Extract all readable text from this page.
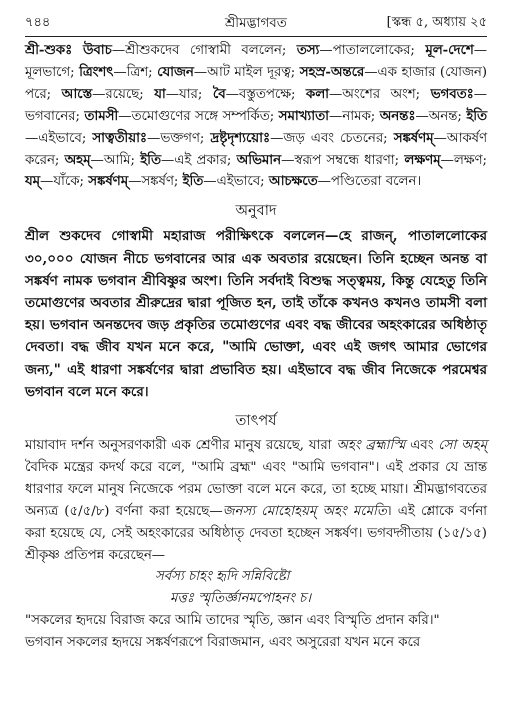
৭৪৪	শ্রীমদ্ভাগবত	[স্কন্ধ ৫, অধ্যায় ২৫

শ্রী-শুকঃ উবাচ—শ্রীশুকদেব গোস্বামী বললেন; তস্য—পাতাললোকের; মূল-দেশে—মূলভাগে; ত্রিংশৎ—ত্রিশ; যোজন—আট মাইল দূরত্ব; সহস্র-অন্তরে—এক হাজার (যোজন) পরে; আস্তে—রয়েছে; যা—যার; বৈ—বস্তুতপক্ষে; কলা—অংশের অংশ; ভগবতঃ—ভগবানের; তামসী—তমোগুণের সঙ্গে সম্পর্কিত; সমাখ্যাতা—নামক; অনন্তঃ—অনন্ত; ইতি—এইভাবে; সাত্বতীয়াঃ—ভক্তগণ; দ্রষ্টৃদৃশ্যয়োঃ—জড় এবং চেতনের; সঙ্কর্ষণম্—আকর্ষণ করেন; অহম্—আমি; ইতি—এই প্রকার; অভিমান—স্বরূপ সম্বন্ধে ধারণা; লক্ষণম্—লক্ষণ; যম্—যাঁকে; সঙ্কর্ষণম্—সঙ্কর্ষণ; ইতি—এইভাবে; আচক্ষতে—পণ্ডিতেরা বলেন।

অনুবাদ

শ্রীল শুকদেব গোস্বামী মহারাজ পরীক্ষিৎকে বললেন—হে রাজন্, পাতাললোকের ৩০,০০০ যোজন নীচে ভগবানের আর এক অবতার রয়েছেন। তিনি হচ্ছেন অনন্ত বা সঙ্কর্ষণ নামক ভগবান শ্রীবিষ্ণুর অংশ। তিনি সর্বদাই বিশুদ্ধ সত্ত্বময়, কিন্তু যেহেতু তিনি তমোগুণের অবতার শ্রীরুদ্রের দ্বারা পূজিত হন, তাই তাঁকে কখনও কখনও তামসী বলা হয়। ভগবান অনন্তদেব জড় প্রকৃতির তমোগুণের এবং বদ্ধ জীবের অহংকারের অধিষ্ঠাতৃ দেবতা। বদ্ধ জীব যখন মনে করে, "আমি ভোক্তা, এবং এই জগৎ আমার ভোগের জন্য," এই ধারণা সঙ্কর্ষণের দ্বারা প্রভাবিত হয়। এইভাবে বদ্ধ জীব নিজেকে পরমেশ্বর ভগবান বলে মনে করে।

তাৎপর্য

মায়াবাদ দর্শন অনুসরণকারী এক শ্রেণীর মানুষ রয়েছে, যারা অহং ব্রহ্মাস্মি এবং সো অহম্ বৈদিক মন্ত্রের কদর্থ করে বলে, "আমি ব্রহ্ম" এবং "আমি ভগবান"। এই প্রকার যে ভ্রান্ত ধারণার ফলে মানুষ নিজেকে পরম ভোক্তা বলে মনে করে, তা হচ্ছে মায়া। শ্রীমদ্ভাগবতের অন্যত্র (৫/৫/৮) বর্ণনা করা হয়েছে—জনস্য মোহোহয়ম্ অহং মমেতি। এই শ্লোকে বর্ণনা করা হয়েছে যে, সেই অহংকারের অধিষ্ঠাতৃ দেবতা হচ্ছেন সঙ্কর্ষণ। ভগবদ্গীতায় (১৫/১৫) শ্রীকৃষ্ণ প্রতিপন্ন করেছেন—

সর্বস্য চাহং হৃদি সন্নিবিষ্টো
মত্তঃ স্মৃতির্জ্ঞানমপোহনং চ।

"সকলের হৃদয়ে বিরাজ করে আমি তাদের স্মৃতি, জ্ঞান এবং বিস্মৃতি প্রদান করি।"

ভগবান সকলের হৃদয়ে সঙ্কর্ষণরূপে বিরাজমান, এবং অসুরেরা যখন মনে করে
